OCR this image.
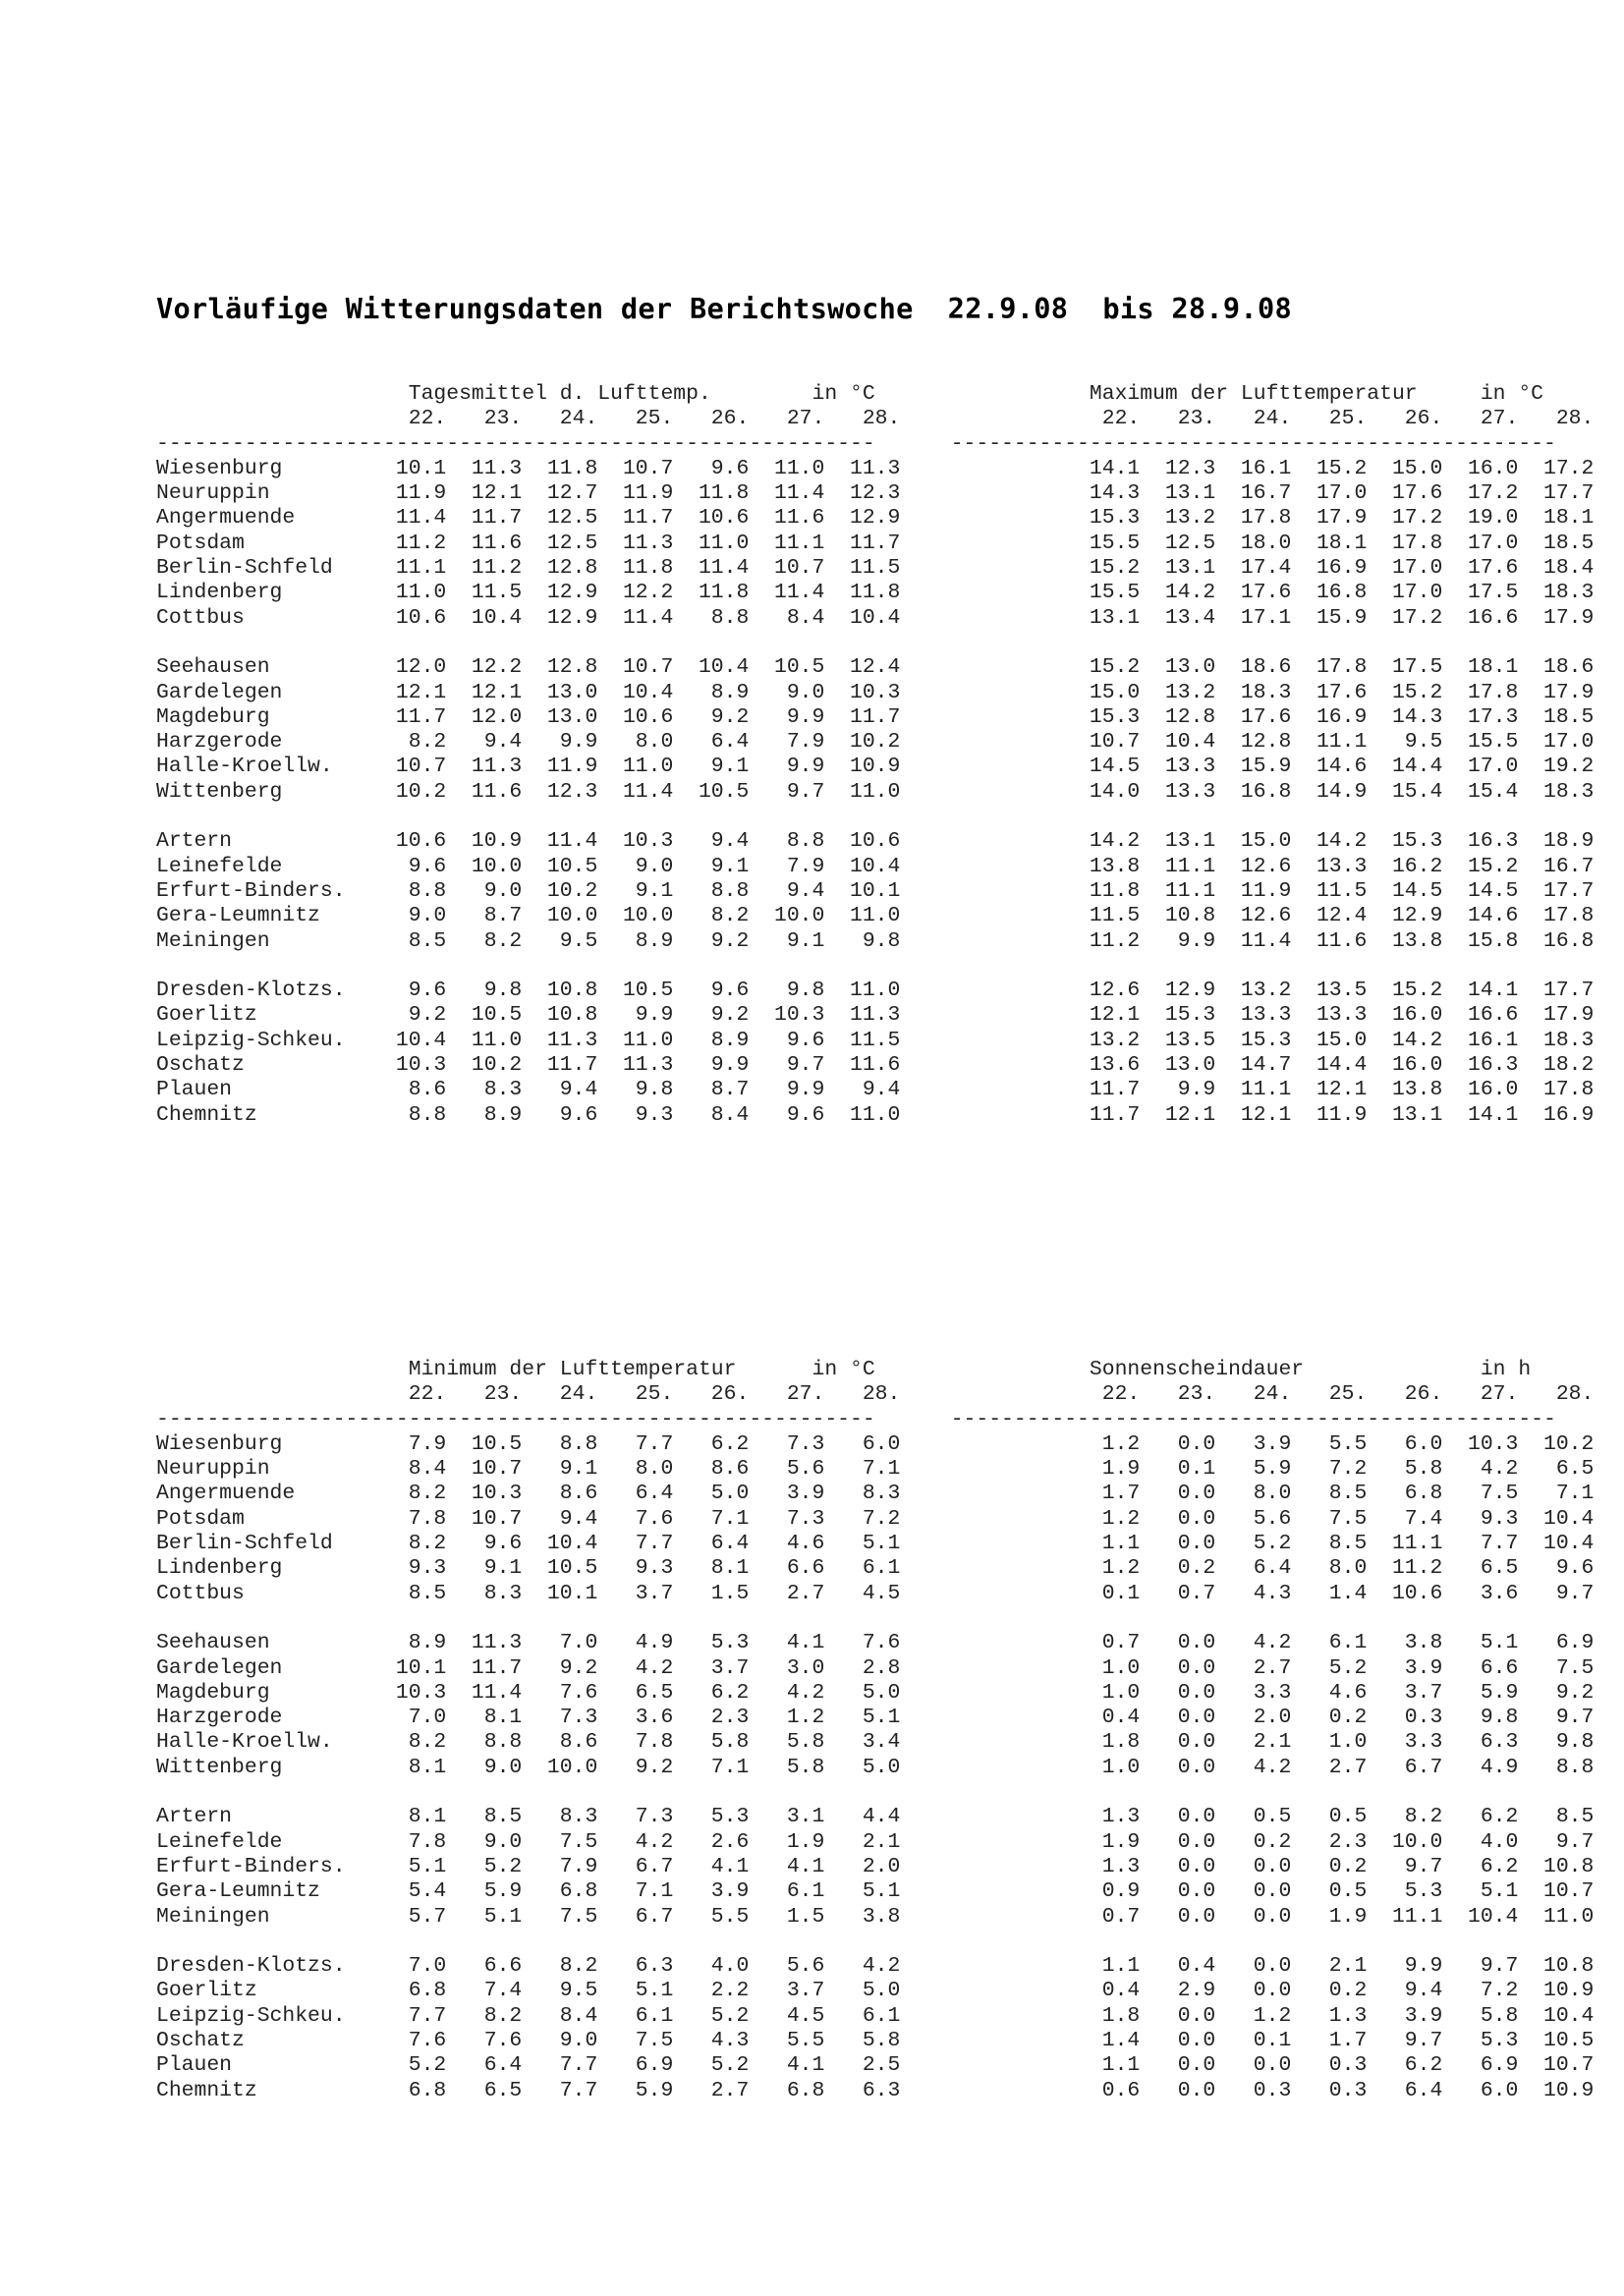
Vorläufige Witterungsdaten der Berichtswoche  22.9.08  bis 28.9.08
Tagesmittel d. Lufttemp.        in °C                 Maximum der Lufttemperatur     in °C
22.   23.   24.   25.   26.   27.   28.                22.   23.   24.   25.   26.   27.   28.
---------------------------------------------------------      ------------------------------------------------
Wiesenburg         10.1  11.3  11.8  10.7   9.6  11.0  11.3               14.1  12.3  16.1  15.2  15.0  16.0  17.2
Neuruppin          11.9  12.1  12.7  11.9  11.8  11.4  12.3               14.3  13.1  16.7  17.0  17.6  17.2  17.7
Angermuende        11.4  11.7  12.5  11.7  10.6  11.6  12.9               15.3  13.2  17.8  17.9  17.2  19.0  18.1
Potsdam            11.2  11.6  12.5  11.3  11.0  11.1  11.7               15.5  12.5  18.0  18.1  17.8  17.0  18.5
Berlin-Schfeld     11.1  11.2  12.8  11.8  11.4  10.7  11.5               15.2  13.1  17.4  16.9  17.0  17.6  18.4
Lindenberg         11.0  11.5  12.9  12.2  11.8  11.4  11.8               15.5  14.2  17.6  16.8  17.0  17.5  18.3
Cottbus            10.6  10.4  12.9  11.4   8.8   8.4  10.4               13.1  13.4  17.1  15.9  17.2  16.6  17.9
Seehausen          12.0  12.2  12.8  10.7  10.4  10.5  12.4               15.2  13.0  18.6  17.8  17.5  18.1  18.6
Gardelegen         12.1  12.1  13.0  10.4   8.9   9.0  10.3               15.0  13.2  18.3  17.6  15.2  17.8  17.9
Magdeburg          11.7  12.0  13.0  10.6   9.2   9.9  11.7               15.3  12.8  17.6  16.9  14.3  17.3  18.5
Harzgerode          8.2   9.4   9.9   8.0   6.4   7.9  10.2               10.7  10.4  12.8  11.1   9.5  15.5  17.0
Halle-Kroellw.     10.7  11.3  11.9  11.0   9.1   9.9  10.9               14.5  13.3  15.9  14.6  14.4  17.0  19.2
Wittenberg         10.2  11.6  12.3  11.4  10.5   9.7  11.0               14.0  13.3  16.8  14.9  15.4  15.4  18.3
Artern             10.6  10.9  11.4  10.3   9.4   8.8  10.6               14.2  13.1  15.0  14.2  15.3  16.3  18.9
Leinefelde          9.6  10.0  10.5   9.0   9.1   7.9  10.4               13.8  11.1  12.6  13.3  16.2  15.2  16.7
Erfurt-Binders.     8.8   9.0  10.2   9.1   8.8   9.4  10.1               11.8  11.1  11.9  11.5  14.5  14.5  17.7
Gera-Leumnitz       9.0   8.7  10.0  10.0   8.2  10.0  11.0               11.5  10.8  12.6  12.4  12.9  14.6  17.8
Meiningen           8.5   8.2   9.5   8.9   9.2   9.1   9.8               11.2   9.9  11.4  11.6  13.8  15.8  16.8
Dresden-Klotzs.     9.6   9.8  10.8  10.5   9.6   9.8  11.0               12.6  12.9  13.2  13.5  15.2  14.1  17.7
Goerlitz            9.2  10.5  10.8   9.9   9.2  10.3  11.3               12.1  15.3  13.3  13.3  16.0  16.6  17.9
Leipzig-Schkeu.    10.4  11.0  11.3  11.0   8.9   9.6  11.5               13.2  13.5  15.3  15.0  14.2  16.1  18.3
Oschatz            10.3  10.2  11.7  11.3   9.9   9.7  11.6               13.6  13.0  14.7  14.4  16.0  16.3  18.2
Plauen              8.6   8.3   9.4   9.8   8.7   9.9   9.4               11.7   9.9  11.1  12.1  13.8  16.0  17.8
Chemnitz            8.8   8.9   9.6   9.3   8.4   9.6  11.0               11.7  12.1  12.1  11.9  13.1  14.1  16.9
Minimum der Lufttemperatur      in °C                 Sonnenscheindauer              in h
22.   23.   24.   25.   26.   27.   28.                22.   23.   24.   25.   26.   27.   28.
---------------------------------------------------------      ------------------------------------------------
Wiesenburg          7.9  10.5   8.8   7.7   6.2   7.3   6.0                1.2   0.0   3.9   5.5   6.0  10.3  10.2
Neuruppin           8.4  10.7   9.1   8.0   8.6   5.6   7.1                1.9   0.1   5.9   7.2   5.8   4.2   6.5
Angermuende         8.2  10.3   8.6   6.4   5.0   3.9   8.3                1.7   0.0   8.0   8.5   6.8   7.5   7.1
Potsdam             7.8  10.7   9.4   7.6   7.1   7.3   7.2                1.2   0.0   5.6   7.5   7.4   9.3  10.4
Berlin-Schfeld      8.2   9.6  10.4   7.7   6.4   4.6   5.1                1.1   0.0   5.2   8.5  11.1   7.7  10.4
Lindenberg          9.3   9.1  10.5   9.3   8.1   6.6   6.1                1.2   0.2   6.4   8.0  11.2   6.5   9.6
Cottbus             8.5   8.3  10.1   3.7   1.5   2.7   4.5                0.1   0.7   4.3   1.4  10.6   3.6   9.7
Seehausen           8.9  11.3   7.0   4.9   5.3   4.1   7.6                0.7   0.0   4.2   6.1   3.8   5.1   6.9
Gardelegen         10.1  11.7   9.2   4.2   3.7   3.0   2.8                1.0   0.0   2.7   5.2   3.9   6.6   7.5
Magdeburg          10.3  11.4   7.6   6.5   6.2   4.2   5.0                1.0   0.0   3.3   4.6   3.7   5.9   9.2
Harzgerode          7.0   8.1   7.3   3.6   2.3   1.2   5.1                0.4   0.0   2.0   0.2   0.3   9.8   9.7
Halle-Kroellw.      8.2   8.8   8.6   7.8   5.8   5.8   3.4                1.8   0.0   2.1   1.0   3.3   6.3   9.8
Wittenberg          8.1   9.0  10.0   9.2   7.1   5.8   5.0                1.0   0.0   4.2   2.7   6.7   4.9   8.8
Artern              8.1   8.5   8.3   7.3   5.3   3.1   4.4                1.3   0.0   0.5   0.5   8.2   6.2   8.5
Leinefelde          7.8   9.0   7.5   4.2   2.6   1.9   2.1                1.9   0.0   0.2   2.3  10.0   4.0   9.7
Erfurt-Binders.     5.1   5.2   7.9   6.7   4.1   4.1   2.0                1.3   0.0   0.0   0.2   9.7   6.2  10.8
Gera-Leumnitz       5.4   5.9   6.8   7.1   3.9   6.1   5.1                0.9   0.0   0.0   0.5   5.3   5.1  10.7
Meiningen           5.7   5.1   7.5   6.7   5.5   1.5   3.8                0.7   0.0   0.0   1.9  11.1  10.4  11.0
Dresden-Klotzs.     7.0   6.6   8.2   6.3   4.0   5.6   4.2                1.1   0.4   0.0   2.1   9.9   9.7  10.8
Goerlitz            6.8   7.4   9.5   5.1   2.2   3.7   5.0                0.4   2.9   0.0   0.2   9.4   7.2  10.9
Leipzig-Schkeu.     7.7   8.2   8.4   6.1   5.2   4.5   6.1                1.8   0.0   1.2   1.3   3.9   5.8  10.4
Oschatz             7.6   7.6   9.0   7.5   4.3   5.5   5.8                1.4   0.0   0.1   1.7   9.7   5.3  10.5
Plauen              5.2   6.4   7.7   6.9   5.2   4.1   2.5                1.1   0.0   0.0   0.3   6.2   6.9  10.7
Chemnitz            6.8   6.5   7.7   5.9   2.7   6.8   6.3                0.6   0.0   0.3   0.3   6.4   6.0  10.9
